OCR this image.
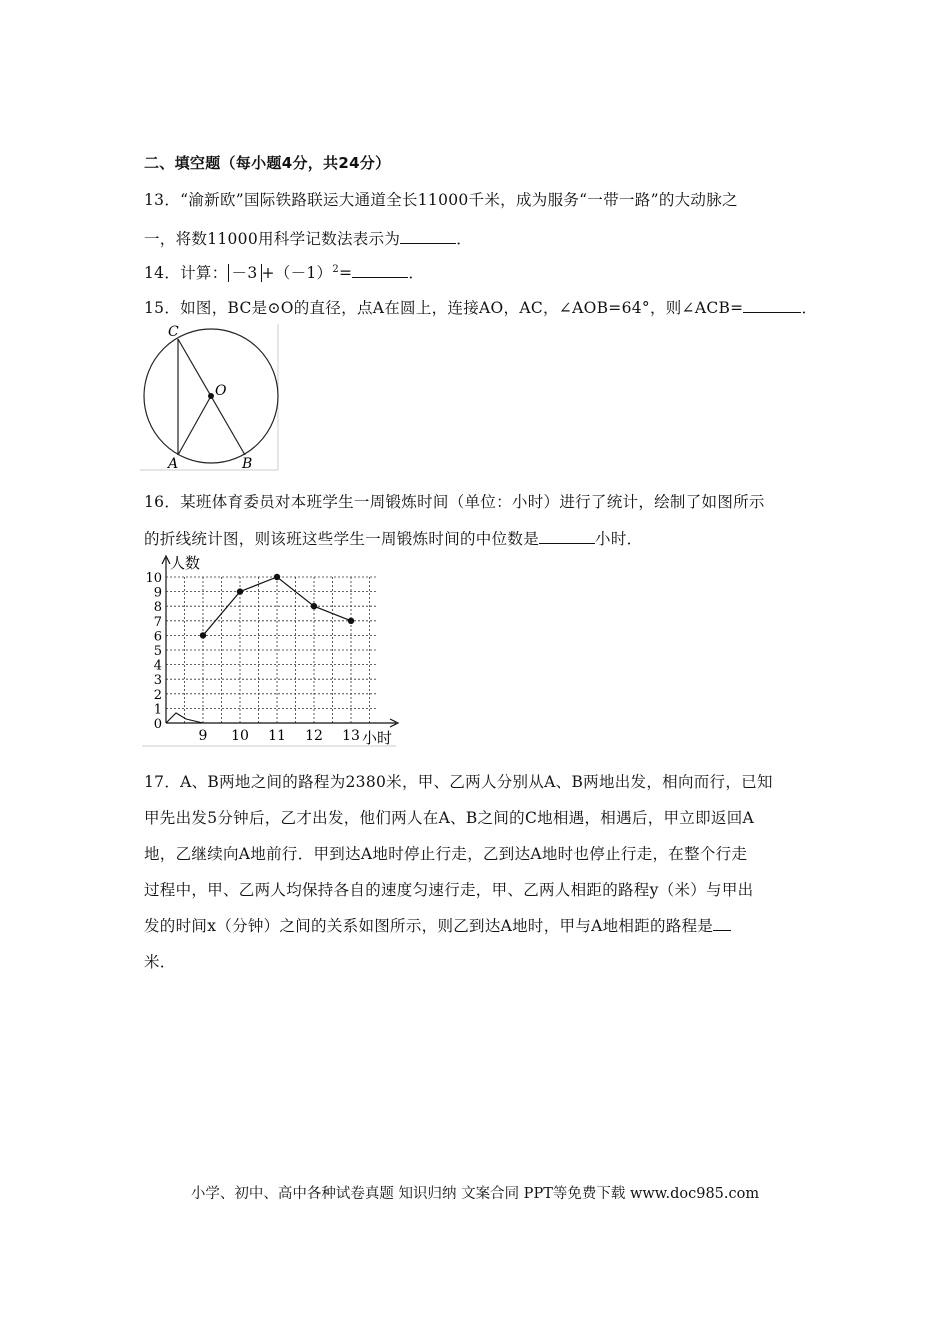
二、填空题（每小题4分，共24分）
13．“渝新欧”国际铁路联运大通道全长11000千米，成为服务“一带一路”的大动脉之
一，将数11000用科学记数法表示为	．
14．计算： $-3 +(-1)^2=$	．
15．如图，BC是⊙O的直径，点A在圆上，连接AO，AC，∠AOB=64°，则∠ACB=	．
C
O
A	B
16．某班体育委员对本班学生一周锻炼时间（单位：小时）进行了统计，绘制了如图所示
的折线统计图，则该班这些学生一周锻炼时间的中位数是	小时．
0
1
2
3
4
5
6
7
8
9
10
9 10 11 12 13
人数
小时
17．A、B两地之间的路程为2380米，甲、乙两人分别从A、B两地出发，相向而行，已知
甲先出发5分钟后，乙才出发，他们两人在A、B之间的C地相遇，相遇后，甲立即返回A
地，乙继续向A地前行．甲到达A地时停止行走，乙到达A地时也停止行走，在整个行走
过程中，甲、乙两人均保持各自的速度匀速行走，甲、乙两人相距的路程y（米）与甲出
发的时间x（分钟）之间的关系如图所示，则乙到达A地时，甲与A地相距的路程是
米．
小学、初中、高中各种试卷真题 知识归纳 文案合同 PPT等免费下载 www.doc985.com
